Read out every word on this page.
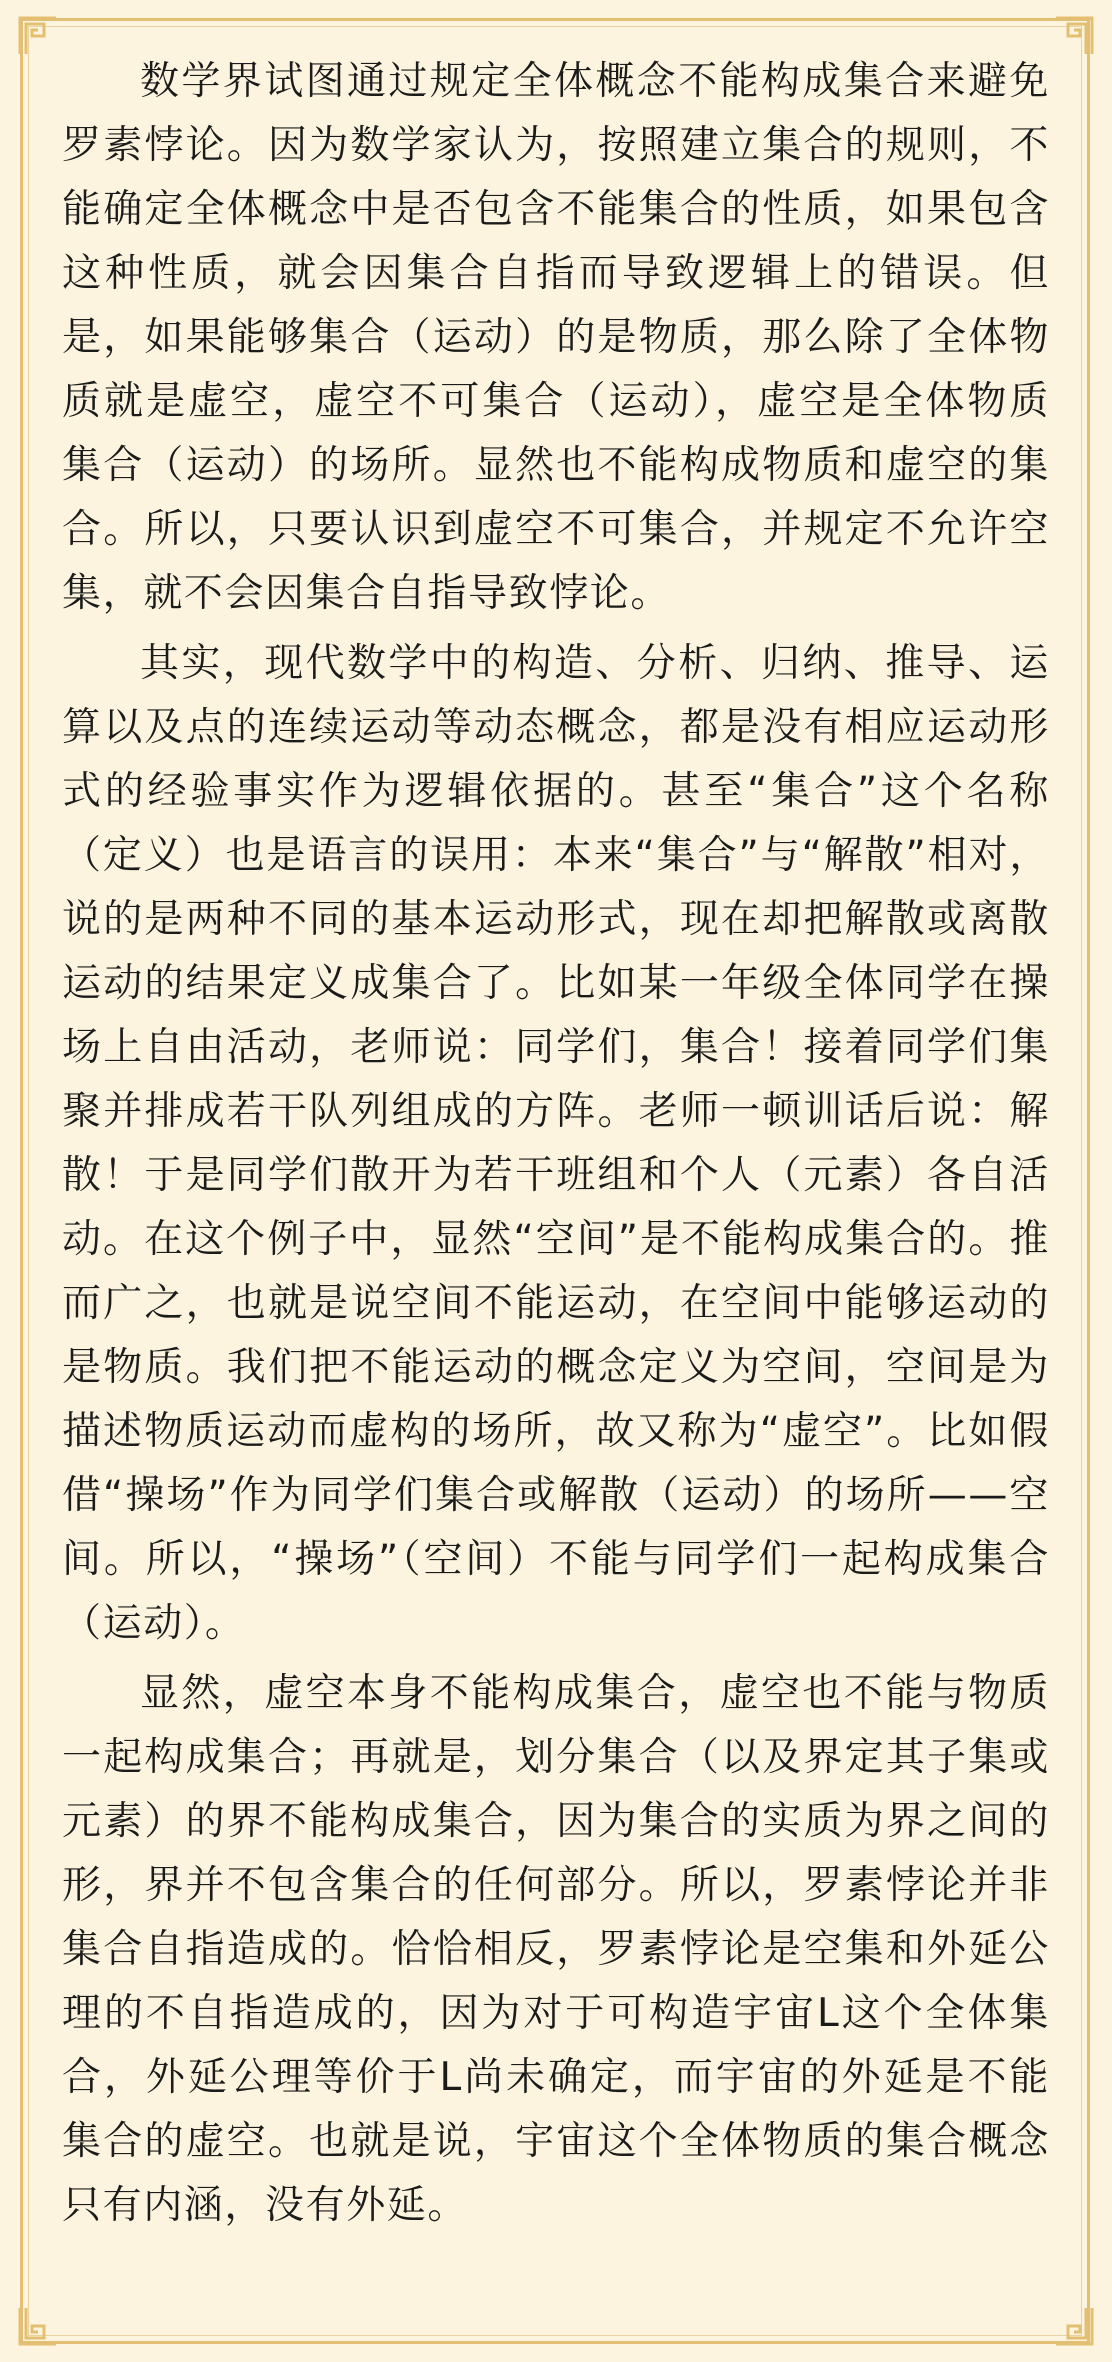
数学界试图通过规定全体概念不能构成集合来避免罗素悖论。因为数学家认为，按照建立集合的规则，不能确定全体概念中是否包含不能集合的性质，如果包含这种性质，就会因集合自指而导致逻辑上的错误。但是，如果能够集合（运动）的是物质，那么除了全体物质就是虚空，虚空不可集合（运动），虚空是全体物质集合（运动）的场所。显然也不能构成物质和虚空的集合。所以，只要认识到虚空不可集合，并规定不允许空集，就不会因集合自指导致悖论。

其实，现代数学中的构造、分析、归纳、推导、运算以及点的连续运动等动态概念，都是没有相应运动形式的经验事实作为逻辑依据的。甚至“集合”这个名称（定义）也是语言的误用：本来“集合”与“解散”相对，说的是两种不同的基本运动形式，现在却把解散或离散运动的结果定义成集合了。比如某一年级全体同学在操场上自由活动，老师说：同学们，集合！接着同学们集聚并排成若干队列组成的方阵。老师一顿训话后说：解散！于是同学们散开为若干班组和个人（元素）各自活动。在这个例子中，显然“空间”是不能构成集合的。推而广之，也就是说空间不能运动，在空间中能够运动的是物质。我们把不能运动的概念定义为空间，空间是为描述物质运动而虚构的场所，故又称为“虚空”。比如假借“操场”作为同学们集合或解散（运动）的场所——空间。所以，“操场”（空间）不能与同学们一起构成集合（运动）。

显然，虚空本身不能构成集合，虚空也不能与物质一起构成集合；再就是，划分集合（以及界定其子集或元素）的界不能构成集合，因为集合的实质为界之间的形，界并不包含集合的任何部分。所以，罗素悖论并非集合自指造成的。恰恰相反，罗素悖论是空集和外延公理的不自指造成的，因为对于可构造宇宙L这个全体集合，外延公理等价于L尚未确定，而宇宙的外延是不能集合的虚空。也就是说，宇宙这个全体物质的集合概念只有内涵，没有外延。
